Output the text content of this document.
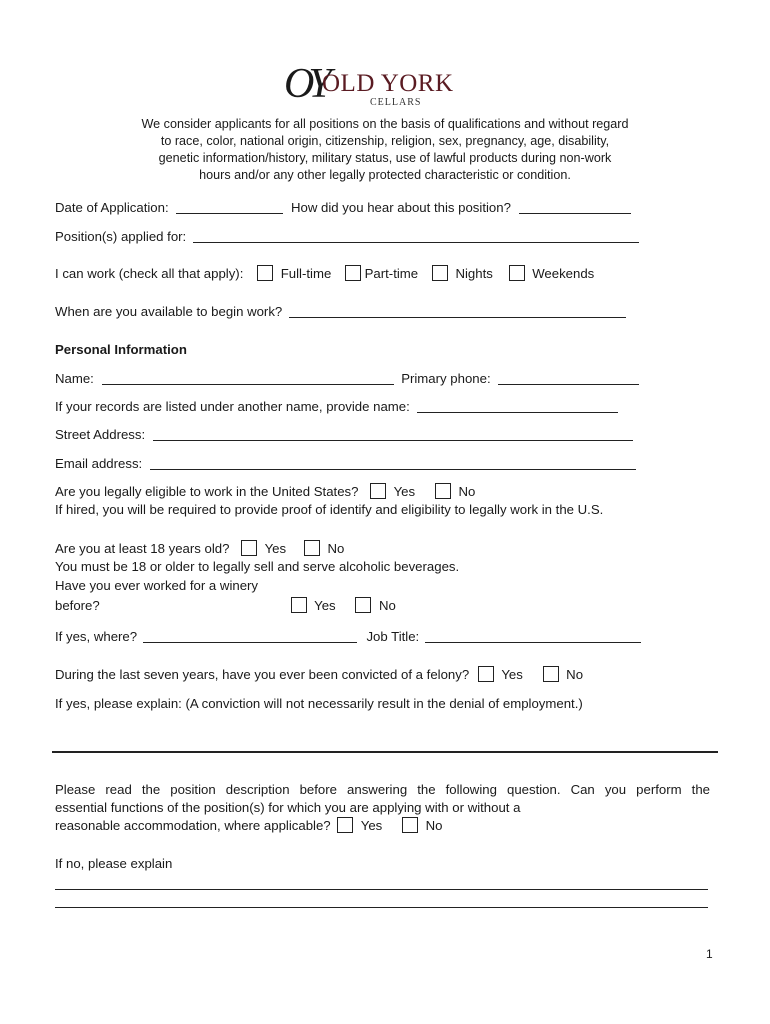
OY
OLD YORK
CELLARS
We consider applicants for all positions on the basis of qualifications and without regard
to race, color, national origin, citizenship, religion, sex, pregnancy, age, disability,
genetic information/history, military status, use of lawful products during non-work
hours and/or any other legally protected characteristic or condition.
Date of Application:	How did you hear about this position?
Position(s) applied for:
I can work (check all that apply):	Full-time	Part-time	Nights	Weekends
When are you available to begin work?
Personal Information
Name:	Primary phone:
If your records are listed under another name, provide name:
Street Address:
Email address:
Are you legally eligible to work in the United States?	Yes	No
If hired, you will be required to provide proof of identify and eligibility to legally work in the U.S.
Are you at least 18 years old?	Yes	No
You must be 18 or older to legally sell and serve alcoholic beverages.
Have you ever worked for a winery
before?	Yes	No
If yes, where?	Job Title:
During the last seven years, have you ever been convicted of a felony? Yes	No
If yes, please explain: (A conviction will not necessarily result in the denial of employment.)
Please read the position description before answering the following question. Can you perform the
essential functions of the position(s) for which you are applying with or without a
reasonable accommodation, where applicable? Yes	No
If no, please explain
1
